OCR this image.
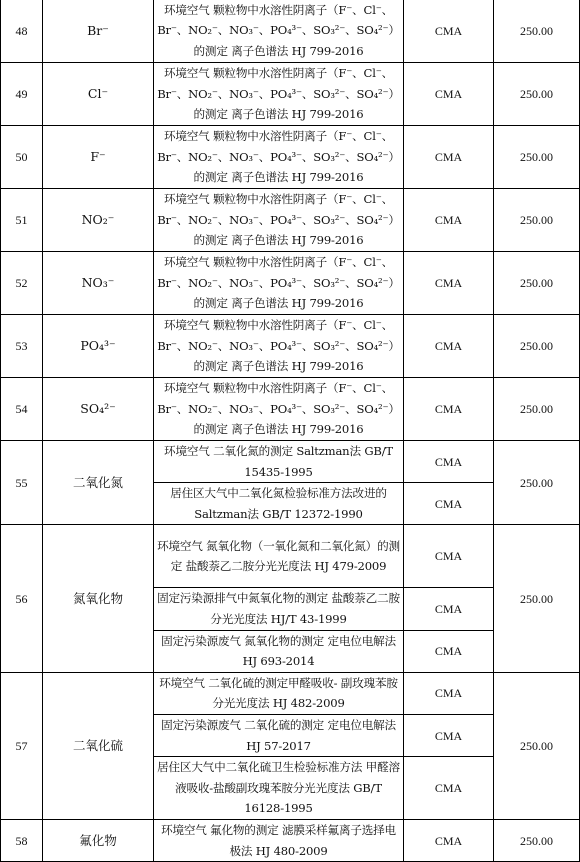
48	Br⁻	环境空气 颗粒物中水溶性阴离子（F⁻、Cl⁻、Br⁻、NO₂⁻、NO₃⁻、PO₄³⁻、SO₃²⁻、SO₄²⁻）的测定 离子色谱法 HJ 799-2016	CMA	250.00
49	Cl⁻	环境空气 颗粒物中水溶性阴离子（F⁻、Cl⁻、Br⁻、NO₂⁻、NO₃⁻、PO₄³⁻、SO₃²⁻、SO₄²⁻）的测定 离子色谱法 HJ 799-2016	CMA	250.00
50	F⁻	环境空气 颗粒物中水溶性阴离子（F⁻、Cl⁻、Br⁻、NO₂⁻、NO₃⁻、PO₄³⁻、SO₃²⁻、SO₄²⁻）的测定 离子色谱法 HJ 799-2016	CMA	250.00
51	NO₂⁻	环境空气 颗粒物中水溶性阴离子（F⁻、Cl⁻、Br⁻、NO₂⁻、NO₃⁻、PO₄³⁻、SO₃²⁻、SO₄²⁻）的测定 离子色谱法 HJ 799-2016	CMA	250.00
52	NO₃⁻	环境空气 颗粒物中水溶性阴离子（F⁻、Cl⁻、Br⁻、NO₂⁻、NO₃⁻、PO₄³⁻、SO₃²⁻、SO₄²⁻）的测定 离子色谱法 HJ 799-2016	CMA	250.00
53	PO₄³⁻	环境空气 颗粒物中水溶性阴离子（F⁻、Cl⁻、Br⁻、NO₂⁻、NO₃⁻、PO₄³⁻、SO₃²⁻、SO₄²⁻）的测定 离子色谱法 HJ 799-2016	CMA	250.00
54	SO₄²⁻	环境空气 颗粒物中水溶性阴离子（F⁻、Cl⁻、Br⁻、NO₂⁻、NO₃⁻、PO₄³⁻、SO₃²⁻、SO₄²⁻）的测定 离子色谱法 HJ 799-2016	CMA	250.00
55	二氧化氮	环境空气 二氧化氮的测定 Saltzman法 GB/T 15435-1995	CMA	250.00
		居住区大气中二氧化氮检验标准方法改进的Saltzman法 GB/T 12372-1990	CMA	
56	氮氧化物	环境空气 氮氧化物（一氧化氮和二氧化氮）的测定 盐酸萘乙二胺分光光度法 HJ 479-2009	CMA	250.00
		固定污染源排气中氮氧化物的测定 盐酸萘乙二胺分光光度法 HJ/T 43-1999	CMA	
		固定污染源废气 氮氧化物的测定 定电位电解法 HJ 693-2014	CMA	
57	二氧化硫	环境空气 二氧化硫的测定甲醛吸收- 副玫瑰苯胺分光光度法 HJ 482-2009	CMA	250.00
		固定污染源废气 二氧化硫的测定 定电位电解法 HJ 57-2017	CMA	
		居住区大气中二氧化硫卫生检验标准方法 甲醛溶液吸收-盐酸副玫瑰苯胺分光光度法 GB/T 16128-1995	CMA	
58	氟化物	环境空气 氟化物的测定 滤膜采样氟离子选择电极法 HJ 480-2009	CMA	250.00
